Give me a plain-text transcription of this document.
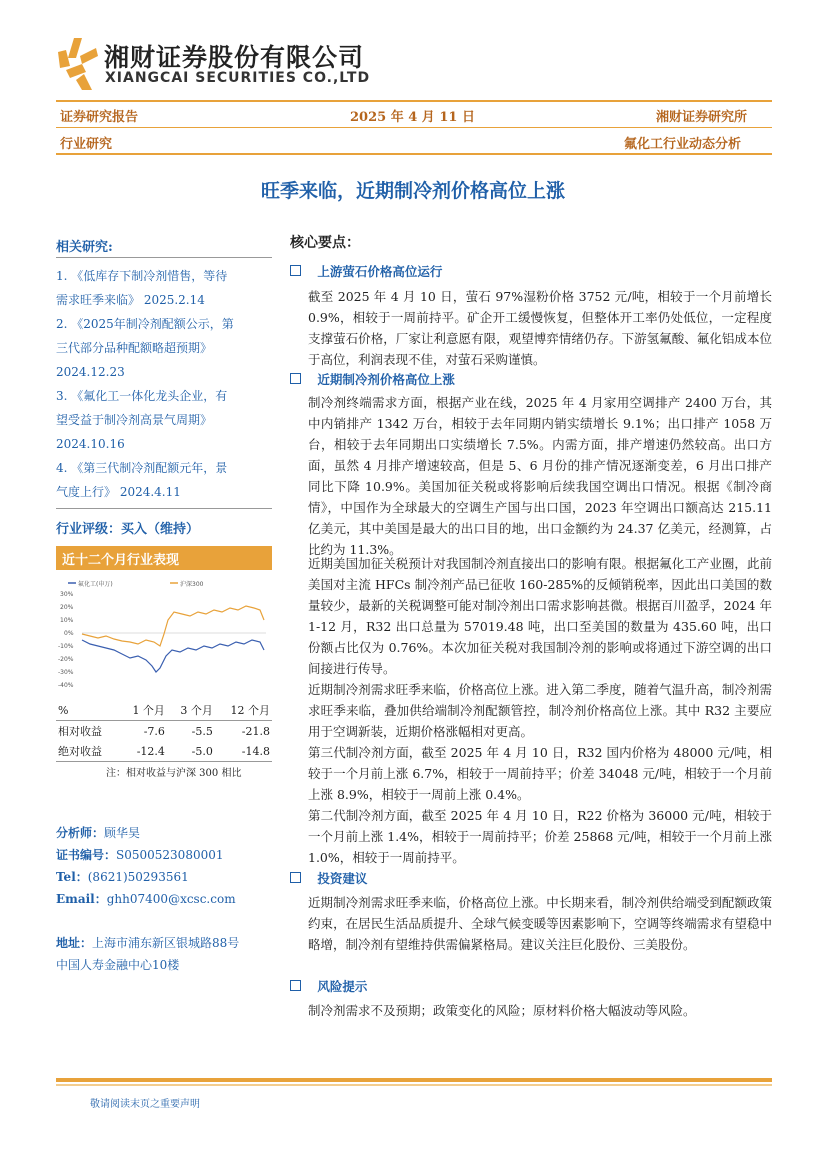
湘财证券股份有限公司
XIANGCAI SECURITIES CO.,LTD
证券研究报告	2025 年 4 月 11 日	湘财证券研究所
行业研究	氟化工行业动态分析
旺季来临，近期制冷剂价格高位上涨
相关研究:
1. 《低库存下制冷剂惜售，等待
需求旺季来临》 2025.2.14
2. 《2025年制冷剂配额公示，第
三代部分品种配额略超预期》
2024.12.23
3. 《氟化工一体化龙头企业，有
望受益于制冷剂高景气周期》
2024.10.16
4. 《第三代制冷剂配额元年，景
气度上行》 2024.4.11
行业评级：买入（维持）
近十二个月行业表现
氟化工(申万)	沪深300
30%
20%
10%
0%
-10%
-20%
-30%
-40%
%	1 个月	3 个月	12 个月
相对收益	-7.6	-5.5	-21.8
绝对收益	-12.4	-5.0	-14.8
注：相对收益与沪深 300 相比
分析师：顾华昊
证书编号：S0500523080001
Tel：(8621)50293561
Email：ghh07400@xcsc.com
地址：上海市浦东新区银城路88号
中国人寿金融中心10楼
核心要点：
上游萤石价格高位运行
截至 2025 年 4 月 10 日，萤石 97%湿粉价格 3752 元/吨，相较于一个月前增长 0.9%，相较于一周前持平。矿企开工缓慢恢复，但整体开工率仍处低位，一定程度支撑萤石价格，厂家让利意愿有限，观望博弈情绪仍存。下游氢氟酸、氟化铝成本位于高位，利润表现不佳，对萤石采购谨慎。
近期制冷剂价格高位上涨
制冷剂终端需求方面，根据产业在线，2025 年 4 月家用空调排产 2400 万台，其中内销排产 1342 万台，相较于去年同期内销实绩增长 9.1%；出口排产 1058 万台，相较于去年同期出口实绩增长 7.5%。内需方面，排产增速仍然较高。出口方面，虽然 4 月排产增速较高，但是 5、6 月份的排产情况逐渐变差，6 月出口排产同比下降 10.9%。美国加征关税或将影响后续我国空调出口情况。根据《制冷商情》，中国作为全球最大的空调生产国与出口国，2023 年空调出口额高达 215.11 亿美元，其中美国是最大的出口目的地，出口金额约为 24.37 亿美元，经测算，占比约为 11.3%。
近期美国加征关税预计对我国制冷剂直接出口的影响有限。根据氟化工产业圈，此前美国对主流 HFCs 制冷剂产品已征收 160-285%的反倾销税率，因此出口美国的数量较少，最新的关税调整可能对制冷剂出口需求影响甚微。根据百川盈孚，2024 年 1-12 月，R32 出口总量为 57019.48 吨，出口至美国的数量为 435.60 吨，出口份额占比仅为 0.76%。本次加征关税对我国制冷剂的影响或将通过下游空调的出口间接进行传导。
近期制冷剂需求旺季来临，价格高位上涨。进入第二季度，随着气温升高，制冷剂需求旺季来临，叠加供给端制冷剂配额管控，制冷剂价格高位上涨。其中 R32 主要应用于空调新装，近期价格涨幅相对更高。
第三代制冷剂方面，截至 2025 年 4 月 10 日，R32 国内价格为 48000 元/吨，相较于一个月前上涨 6.7%，相较于一周前持平；价差 34048 元/吨，相较于一个月前上涨 8.9%，相较于一周前上涨 0.4%。
第二代制冷剂方面，截至 2025 年 4 月 10 日，R22 价格为 36000 元/吨，相较于一个月前上涨 1.4%，相较于一周前持平；价差 25868 元/吨，相较于一个月前上涨 1.0%，相较于一周前持平。
投资建议
近期制冷剂需求旺季来临，价格高位上涨。中长期来看，制冷剂供给端受到配额政策约束，在居民生活品质提升、全球气候变暖等因素影响下，空调等终端需求有望稳中略增，制冷剂有望维持供需偏紧格局。建议关注巨化股份、三美股份。
风险提示
制冷剂需求不及预期；政策变化的风险；原材料价格大幅波动等风险。
敬请阅读末页之重要声明
